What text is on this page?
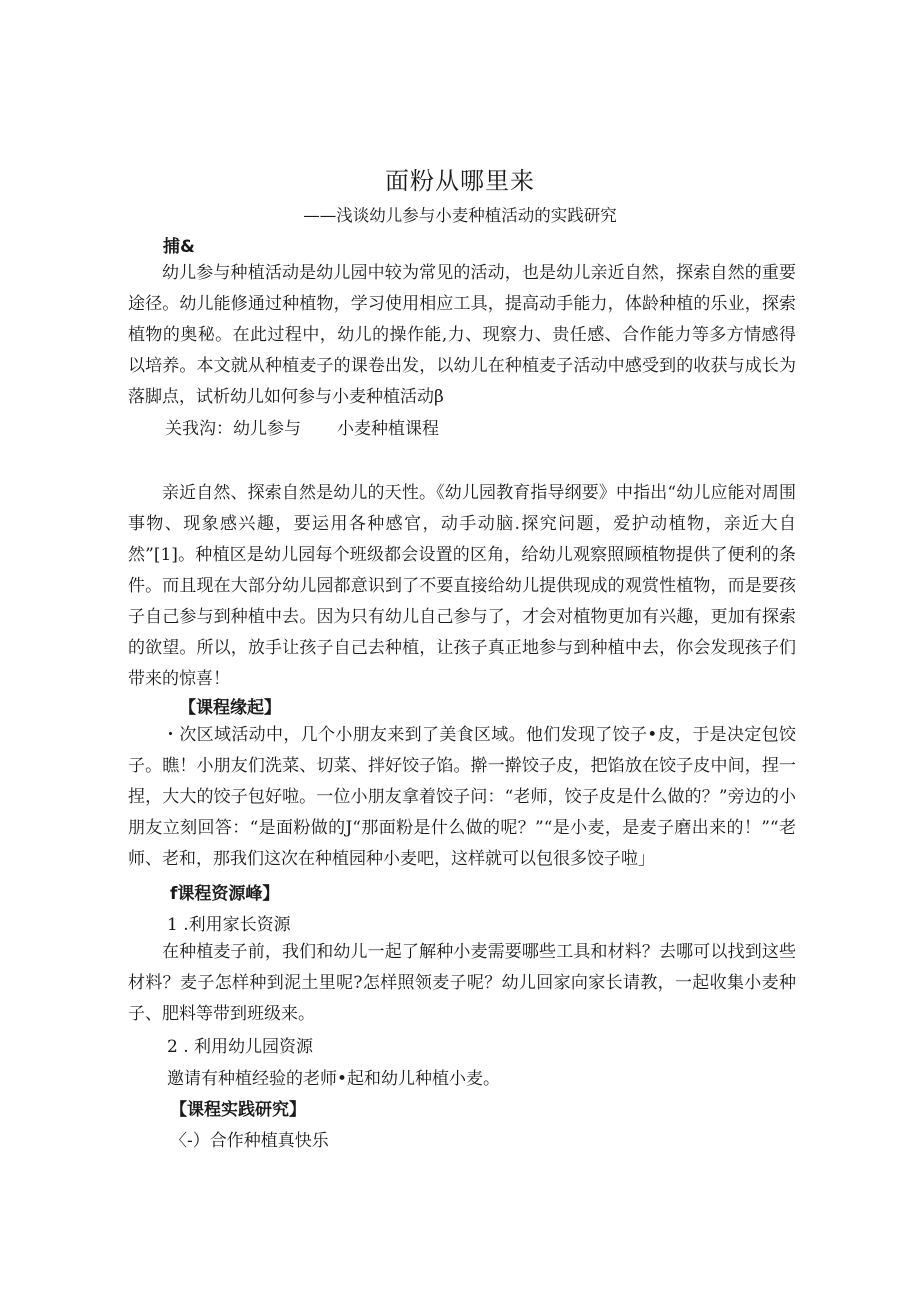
面粉从哪里来
——浅谈幼儿参与小麦种植活动的实践研究
捕&

幼儿参与种植活动是幼儿园中较为常见的活动，也是幼儿亲近自然，探索自然的重要途径。幼儿能修通过种植物，学习使用相应工具，提高动手能力，体龄种植的乐业，探索植物的奥秘。在此过程中，幼儿的操作能,力、现察力、贵任感、合作能力等多方情感得以培养。本文就从种植麦子的课卷出发，以幼儿在种植麦子活动中感受到的收获与成长为落脚点，试析幼儿如何参与小麦种植活动β

关我沟：幼儿参与 小麦种植课程

亲近自然、探索自然是幼儿的天性。《幼儿园教育指导纲要》中指出“幼儿应能对周围事物、现象感兴趣，要运用各种感官，动手动脑.探究问题，爱护动植物，亲近大自然”[1]。种植区是幼儿园每个班级都会设置的区角，给幼儿观察照顾植物提供了便利的条件。而且现在大部分幼儿园都意识到了不要直接给幼儿提供现成的观赏性植物，而是要孩子自己参与到种植中去。因为只有幼儿自己参与了，才会对植物更加有兴趣，更加有探索的欲望。所以，放手让孩子自己去种植，让孩子真正地参与到种植中去，你会发现孩子们带来的惊喜！

【课程缘起】

・次区域活动中，几个小朋友来到了美食区域。他们发现了饺子•皮，于是决定包饺子。瞧！小朋友们洗菜、切菜、拌好饺子馅。擀一擀饺子皮，把馅放在饺子皮中间，捏一捏，大大的饺子包好啦。一位小朋友拿着饺子问：“老师，饺子皮是什么做的？”旁边的小朋友立刻回答：“是面粉做的J“那面粉是什么做的呢？”“是小麦，是麦子磨出来的！”“老师、老和，那我们这次在种植园种小麦吧，这样就可以包很多饺子啦」

f课程资源峰】
1 .利用家长资源

在种植麦子前，我们和幼儿一起了解种小麦需要哪些工具和材料？去哪可以找到这些材料？麦子怎样种到泥土里呢?怎样照领麦子呢？幼儿回家向家长请教，一起收集小麦种子、肥料等带到班级来。

2 . 利用幼儿园资源
邀请有种植经验的老师•起和幼儿种植小麦。
【课程实践研究】
〈-）合作种植真快乐
